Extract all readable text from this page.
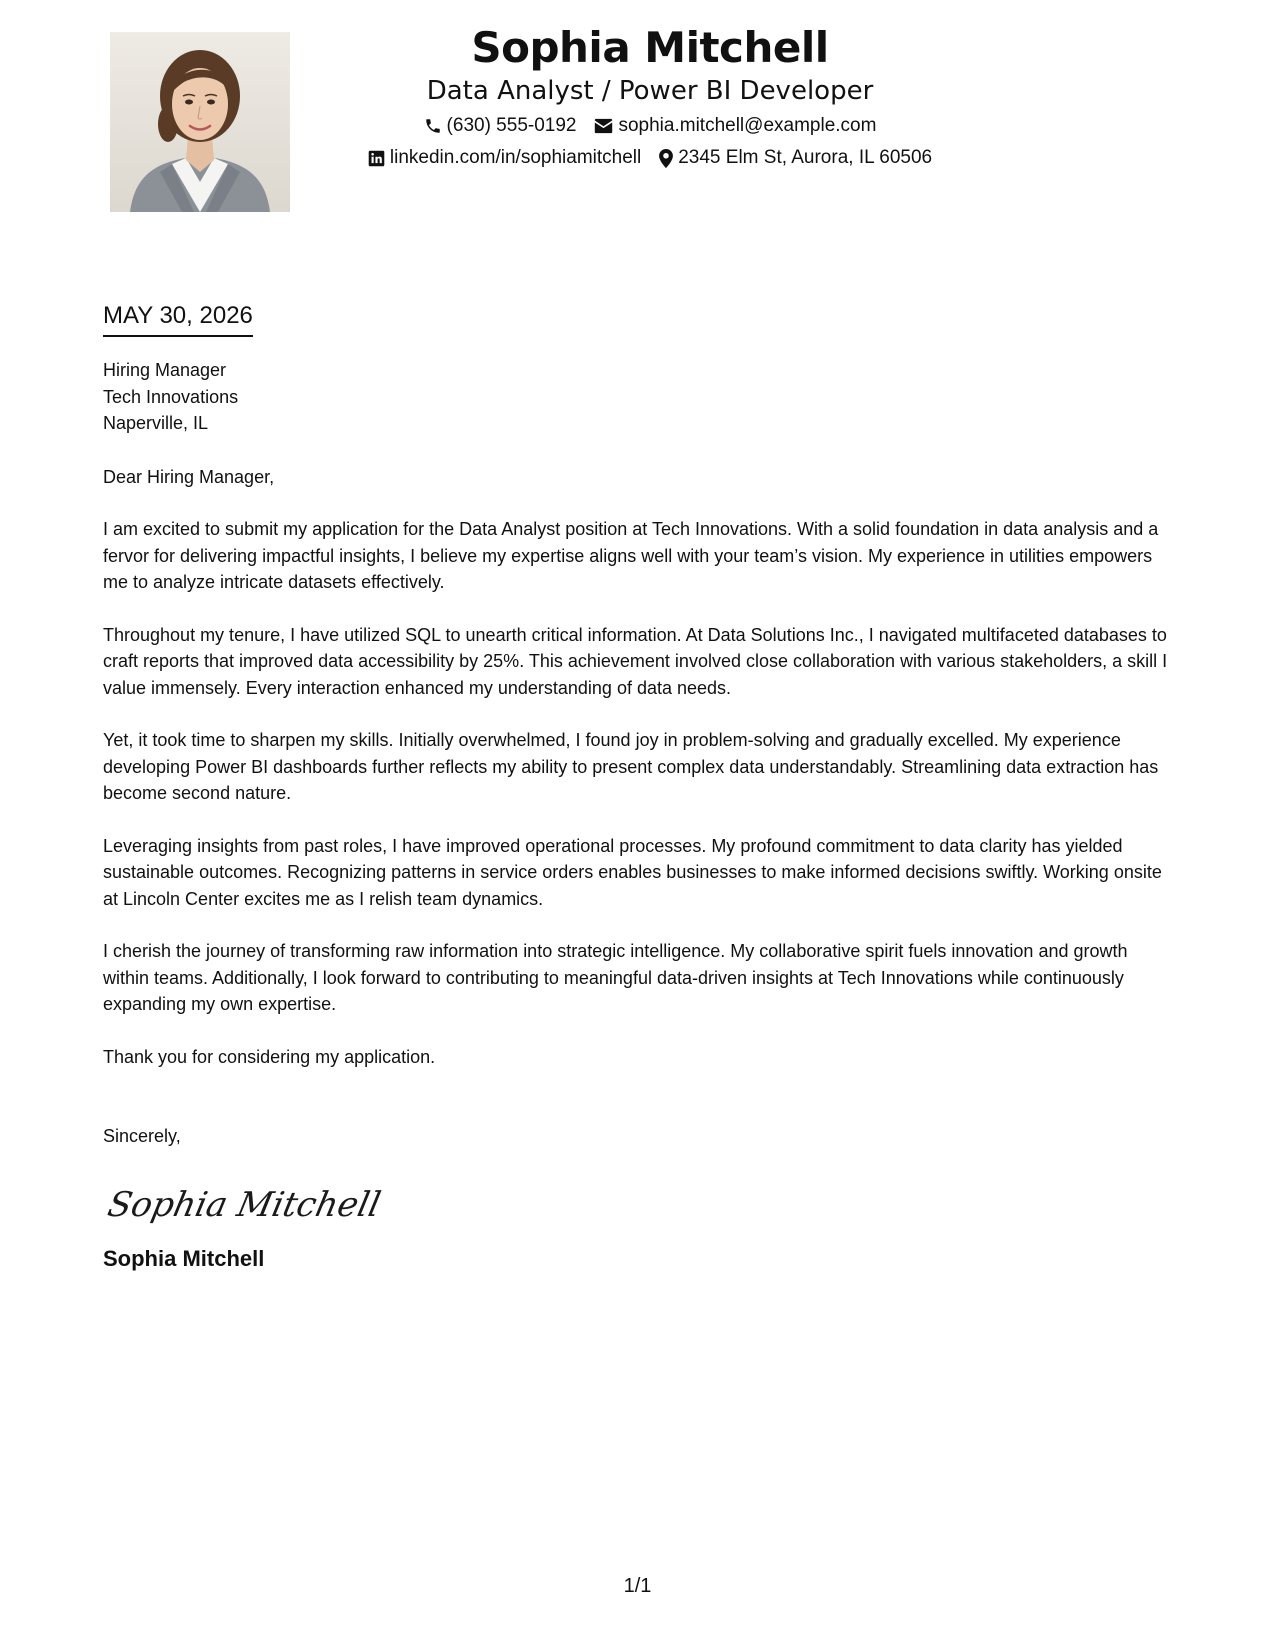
Sophia Mitchell
Data Analyst / Power BI Developer
(630) 555-0192 sophia.mitchell@example.com
linkedin.com/in/sophiamitchell 2345 Elm St, Aurora, IL 60506
MAY 30, 2026
Hiring Manager
Tech Innovations
Naperville, IL
Dear Hiring Manager,
I am excited to submit my application for the Data Analyst position at Tech Innovations. With a solid foundation in data analysis and a fervor for delivering impactful insights, I believe my expertise aligns well with your team’s vision. My experience in utilities empowers me to analyze intricate datasets effectively.
Throughout my tenure, I have utilized SQL to unearth critical information. At Data Solutions Inc., I navigated multifaceted databases to craft reports that improved data accessibility by 25%. This achievement involved close collaboration with various stakeholders, a skill I value immensely. Every interaction enhanced my understanding of data needs.
Yet, it took time to sharpen my skills. Initially overwhelmed, I found joy in problem-solving and gradually excelled. My experience developing Power BI dashboards further reflects my ability to present complex data understandably. Streamlining data extraction has become second nature.
Leveraging insights from past roles, I have improved operational processes. My profound commitment to data clarity has yielded sustainable outcomes. Recognizing patterns in service orders enables businesses to make informed decisions swiftly. Working onsite at Lincoln Center excites me as I relish team dynamics.
I cherish the journey of transforming raw information into strategic intelligence. My collaborative spirit fuels innovation and growth within teams. Additionally, I look forward to contributing to meaningful data-driven insights at Tech Innovations while continuously expanding my own expertise.
Thank you for considering my application.
Sincerely,
Sophia Mitchell
Sophia Mitchell
1/1
